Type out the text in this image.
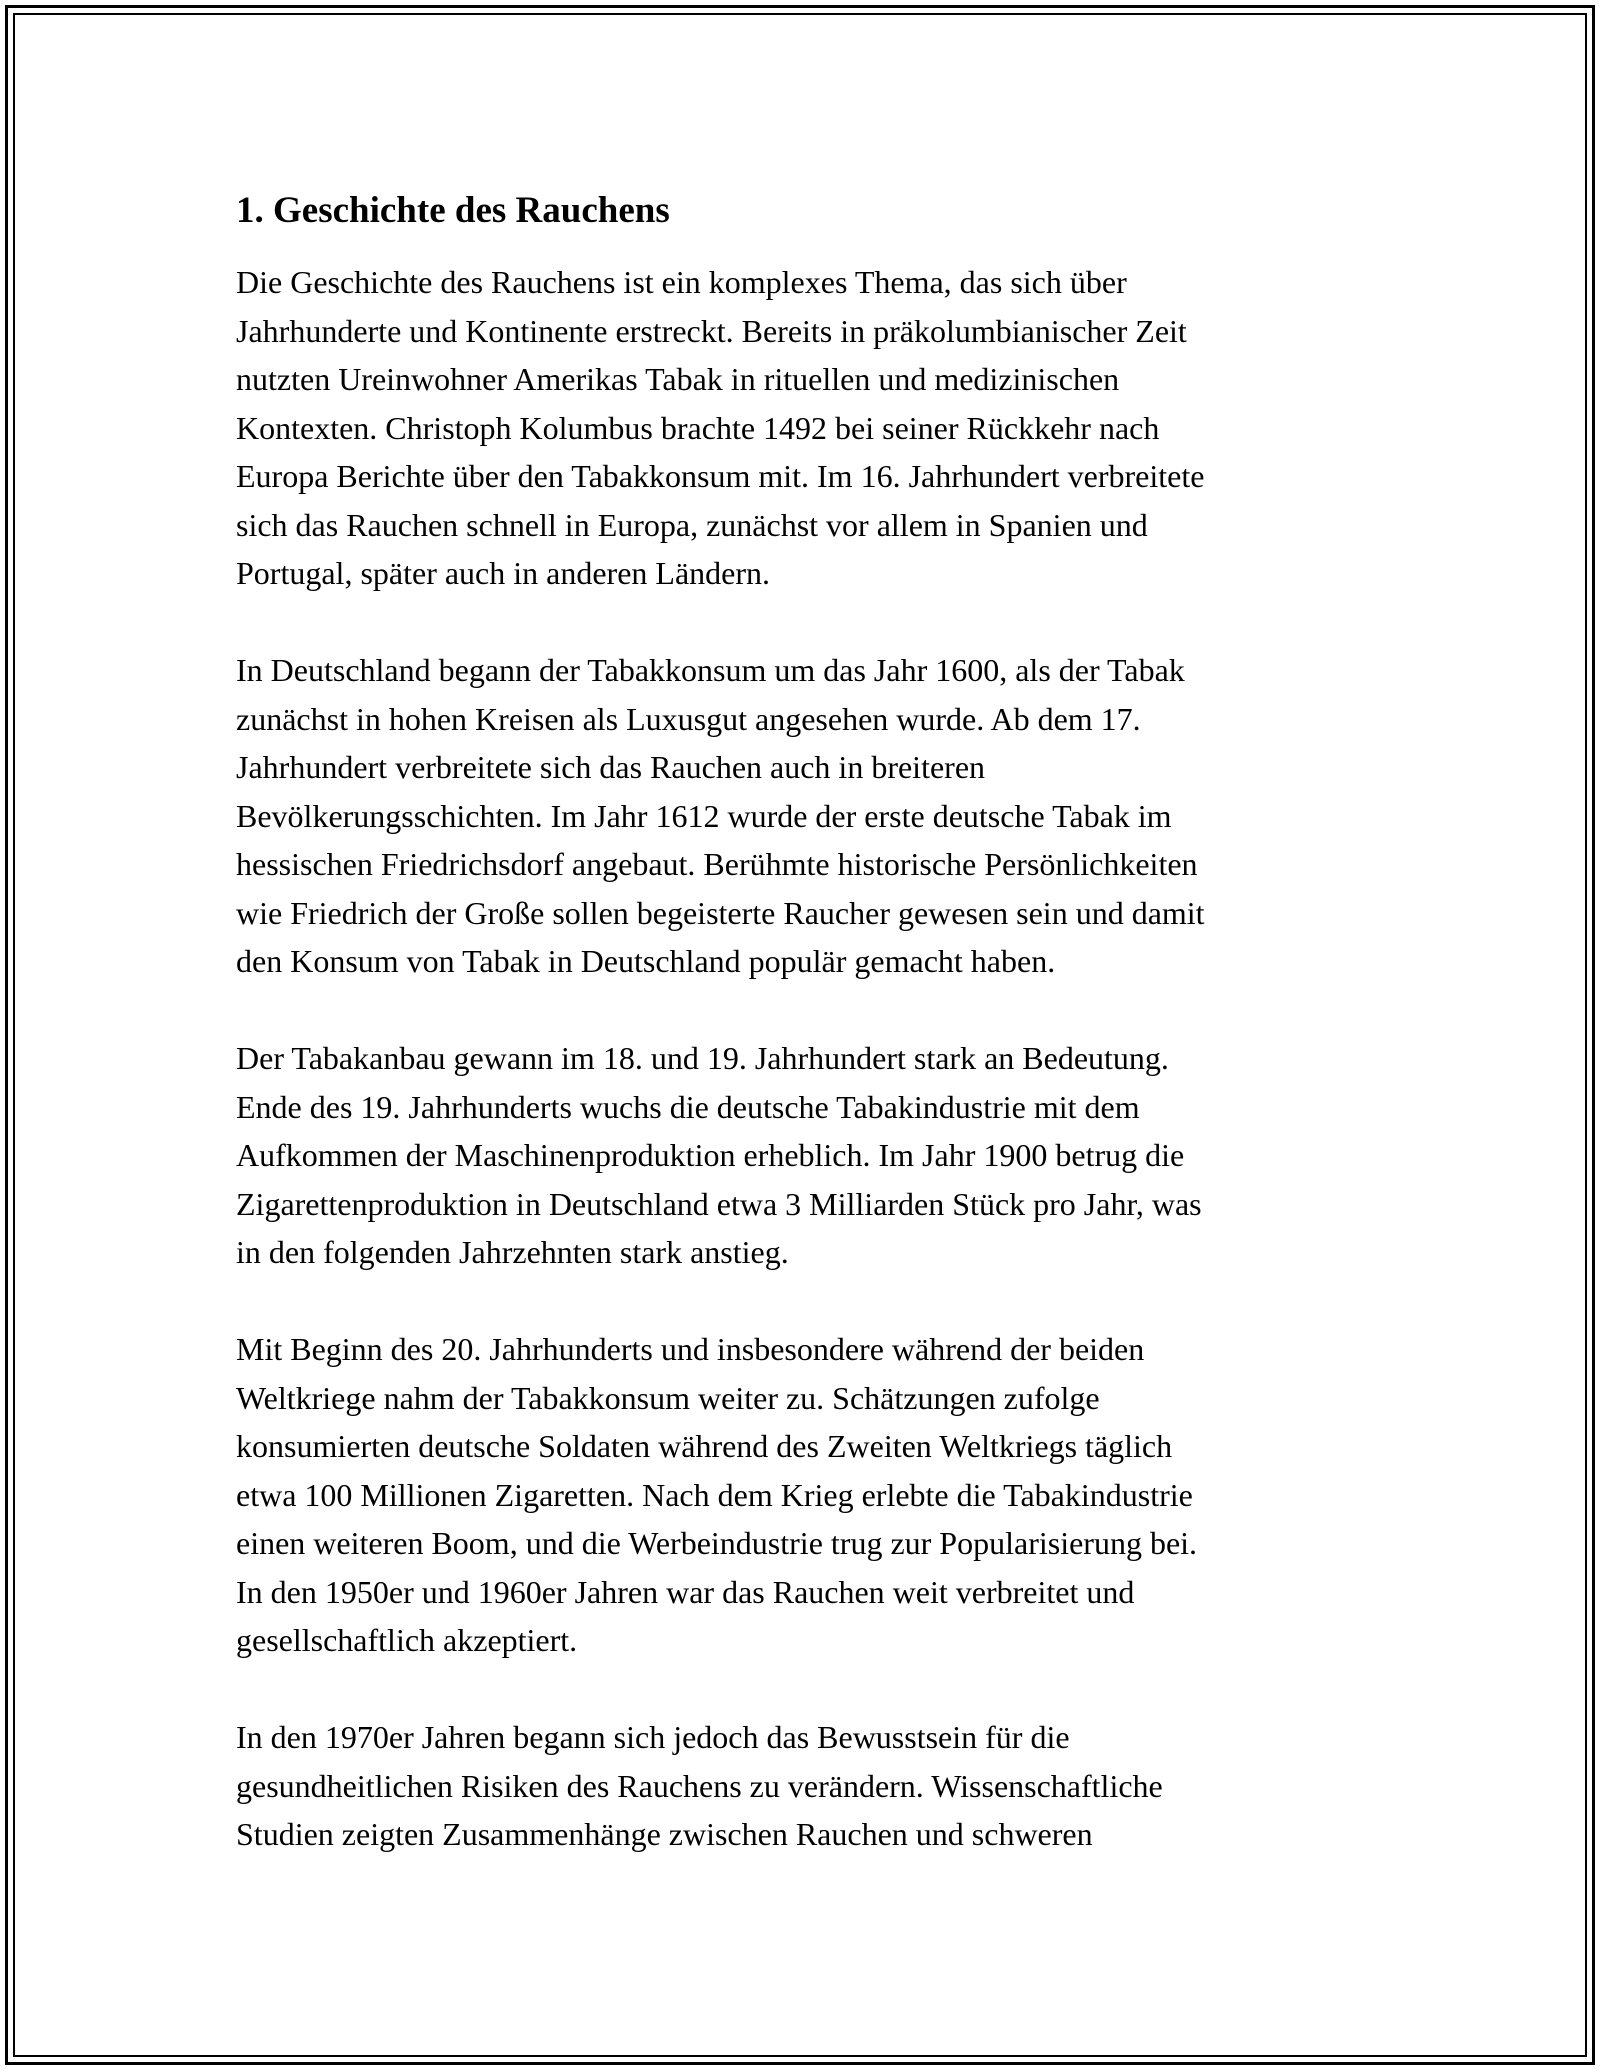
1. Geschichte des Rauchens

Die Geschichte des Rauchens ist ein komplexes Thema, das sich über
Jahrhunderte und Kontinente erstreckt. Bereits in präkolumbianischer Zeit
nutzten Ureinwohner Amerikas Tabak in rituellen und medizinischen
Kontexten. Christoph Kolumbus brachte 1492 bei seiner Rückkehr nach
Europa Berichte über den Tabakkonsum mit. Im 16. Jahrhundert verbreitete
sich das Rauchen schnell in Europa, zunächst vor allem in Spanien und
Portugal, später auch in anderen Ländern.

In Deutschland begann der Tabakkonsum um das Jahr 1600, als der Tabak
zunächst in hohen Kreisen als Luxusgut angesehen wurde. Ab dem 17.
Jahrhundert verbreitete sich das Rauchen auch in breiteren
Bevölkerungsschichten. Im Jahr 1612 wurde der erste deutsche Tabak im
hessischen Friedrichsdorf angebaut. Berühmte historische Persönlichkeiten
wie Friedrich der Große sollen begeisterte Raucher gewesen sein und damit
den Konsum von Tabak in Deutschland populär gemacht haben.

Der Tabakanbau gewann im 18. und 19. Jahrhundert stark an Bedeutung.
Ende des 19. Jahrhunderts wuchs die deutsche Tabakindustrie mit dem
Aufkommen der Maschinenproduktion erheblich. Im Jahr 1900 betrug die
Zigarettenproduktion in Deutschland etwa 3 Milliarden Stück pro Jahr, was
in den folgenden Jahrzehnten stark anstieg.

Mit Beginn des 20. Jahrhunderts und insbesondere während der beiden
Weltkriege nahm der Tabakkonsum weiter zu. Schätzungen zufolge
konsumierten deutsche Soldaten während des Zweiten Weltkriegs täglich
etwa 100 Millionen Zigaretten. Nach dem Krieg erlebte die Tabakindustrie
einen weiteren Boom, und die Werbeindustrie trug zur Popularisierung bei.
In den 1950er und 1960er Jahren war das Rauchen weit verbreitet und
gesellschaftlich akzeptiert.

In den 1970er Jahren begann sich jedoch das Bewusstsein für die
gesundheitlichen Risiken des Rauchens zu verändern. Wissenschaftliche
Studien zeigten Zusammenhänge zwischen Rauchen und schweren
